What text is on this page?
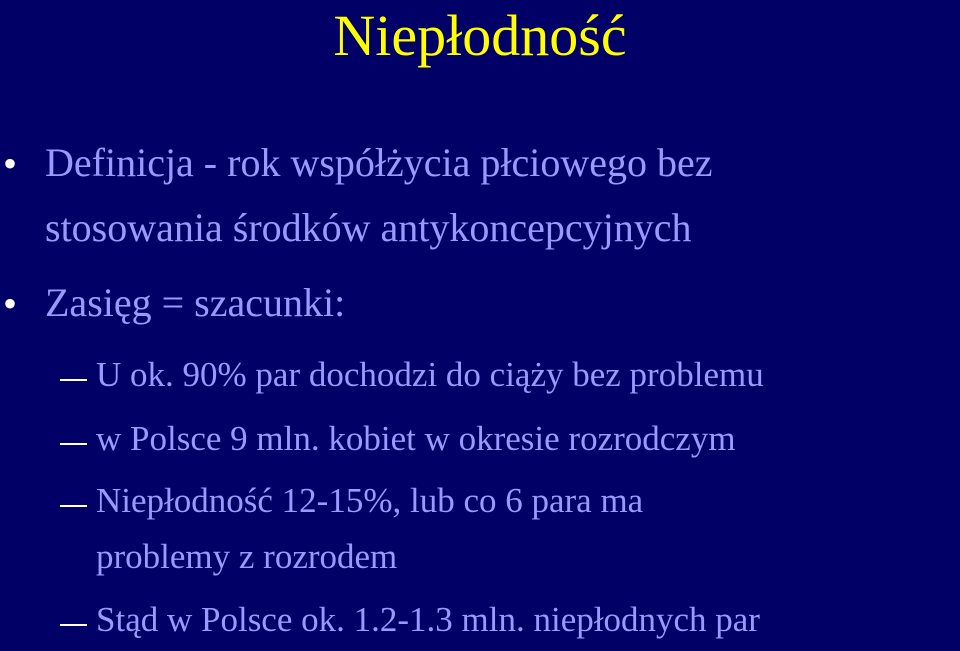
Niepłodność
• Definicja - rok współżycia płciowego bez
stosowania środków antykoncepcyjnych
• Zasięg = szacunki:
U ok. 90% par dochodzi do ciąży bez problemu
w Polsce 9 mln. kobiet w okresie rozrodczym
Niepłodność 12-15%, lub co 6 para ma
problemy z rozrodem
Stąd w Polsce ok. 1.2-1.3 mln. niepłodnych par
